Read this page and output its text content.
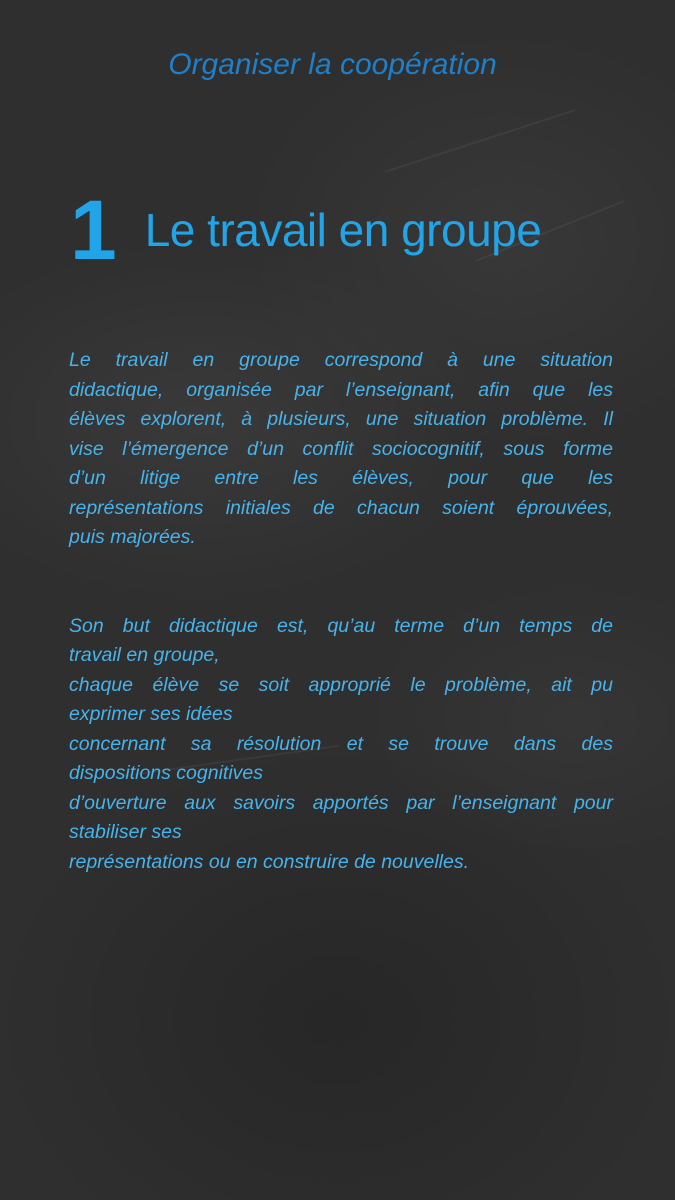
Organiser la coopération
1 Le travail en groupe
Le travail en groupe correspond à une situation
didactique, organisée par l’enseignant, afin que les
élèves explorent, à plusieurs, une situation problème. Il
vise l’émergence d’un conflit sociocognitif, sous forme
d’un litige entre les élèves, pour que les
représentations initiales de chacun soient éprouvées,
puis majorées.
Son but didactique est, qu’au terme d’un temps de
travail en groupe,
chaque élève se soit approprié le problème, ait pu
exprimer ses idées
concernant sa résolution et se trouve dans des
dispositions cognitives
d’ouverture aux savoirs apportés par l’enseignant pour
stabiliser ses
représentations ou en construire de nouvelles.
